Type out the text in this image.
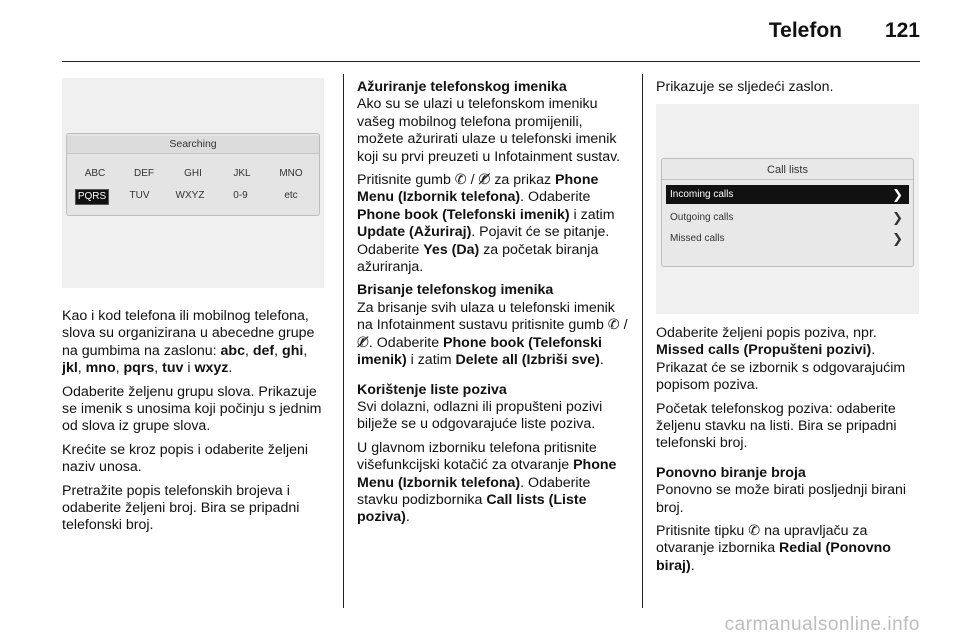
Telefon 121
Searching
ABC	DEF	GHI	JKL	MNO
PQRS	TUV	WXYZ	0-9	etc
Call lists
Incoming calls	❯
Outgoing calls	❯
Missed calls	❯

Kao i kod telefona ili mobilnog telefona, slova su organizirana u abecedne grupe na gumbima na zaslonu: abc, def, ghi, jkl, mno, pqrs, tuv i wxyz.

Odaberite željenu grupu slova. Prikazuje se imenik s unosima koji počinju s jednim od slova iz grupe slova.

Krećite se kroz popis i odaberite željeni naziv unosa.

Pretražite popis telefonskih brojeva i odaberite željeni broj. Bira se pripadni telefonski broj.

Ažuriranje telefonskog imenika

Ako su se ulazi u telefonskom imeniku vašeg mobilnog telefona promijenili, možete ažurirati ulaze u telefonski imenik koji su prvi preuzeti u Infotainment sustav.

Pritisnite gumb ✆ / ✆̸ za prikaz Phone Menu (Izbornik telefona). Odaberite Phone book (Telefonski imenik) i zatim Update (Ažuriraj). Pojavit će se pitanje. Odaberite Yes (Da) za početak biranja ažuriranja.

Brisanje telefonskog imenika

Za brisanje svih ulaza u telefonski imenik na Infotainment sustavu pritisnite gumb ✆ / ✆̸. Odaberite Phone book (Telefonski imenik) i zatim Delete all (Izbriši sve).

Korištenje liste poziva

Svi dolazni, odlazni ili propušteni pozivi bilježe se u odgovarajuće liste poziva.

U glavnom izborniku telefona pritisnite višefunkcijski kotačić za otvaranje Phone Menu (Izbornik telefona). Odaberite stavku podizbornika Call lists (Liste poziva).

Prikazuje se sljedeći zaslon.

Odaberite željeni popis poziva, npr. Missed calls (Propušteni pozivi). Prikazat će se izbornik s odgovarajućim popisom poziva.

Početak telefonskog poziva: odaberite željenu stavku na listi. Bira se pripadni telefonski broj.

Ponovno biranje broja

Ponovno se može birati posljednji birani broj.

Pritisnite tipku ✆ na upravljaču za otvaranje izbornika Redial (Ponovno biraj).

carmanualsonline.info
